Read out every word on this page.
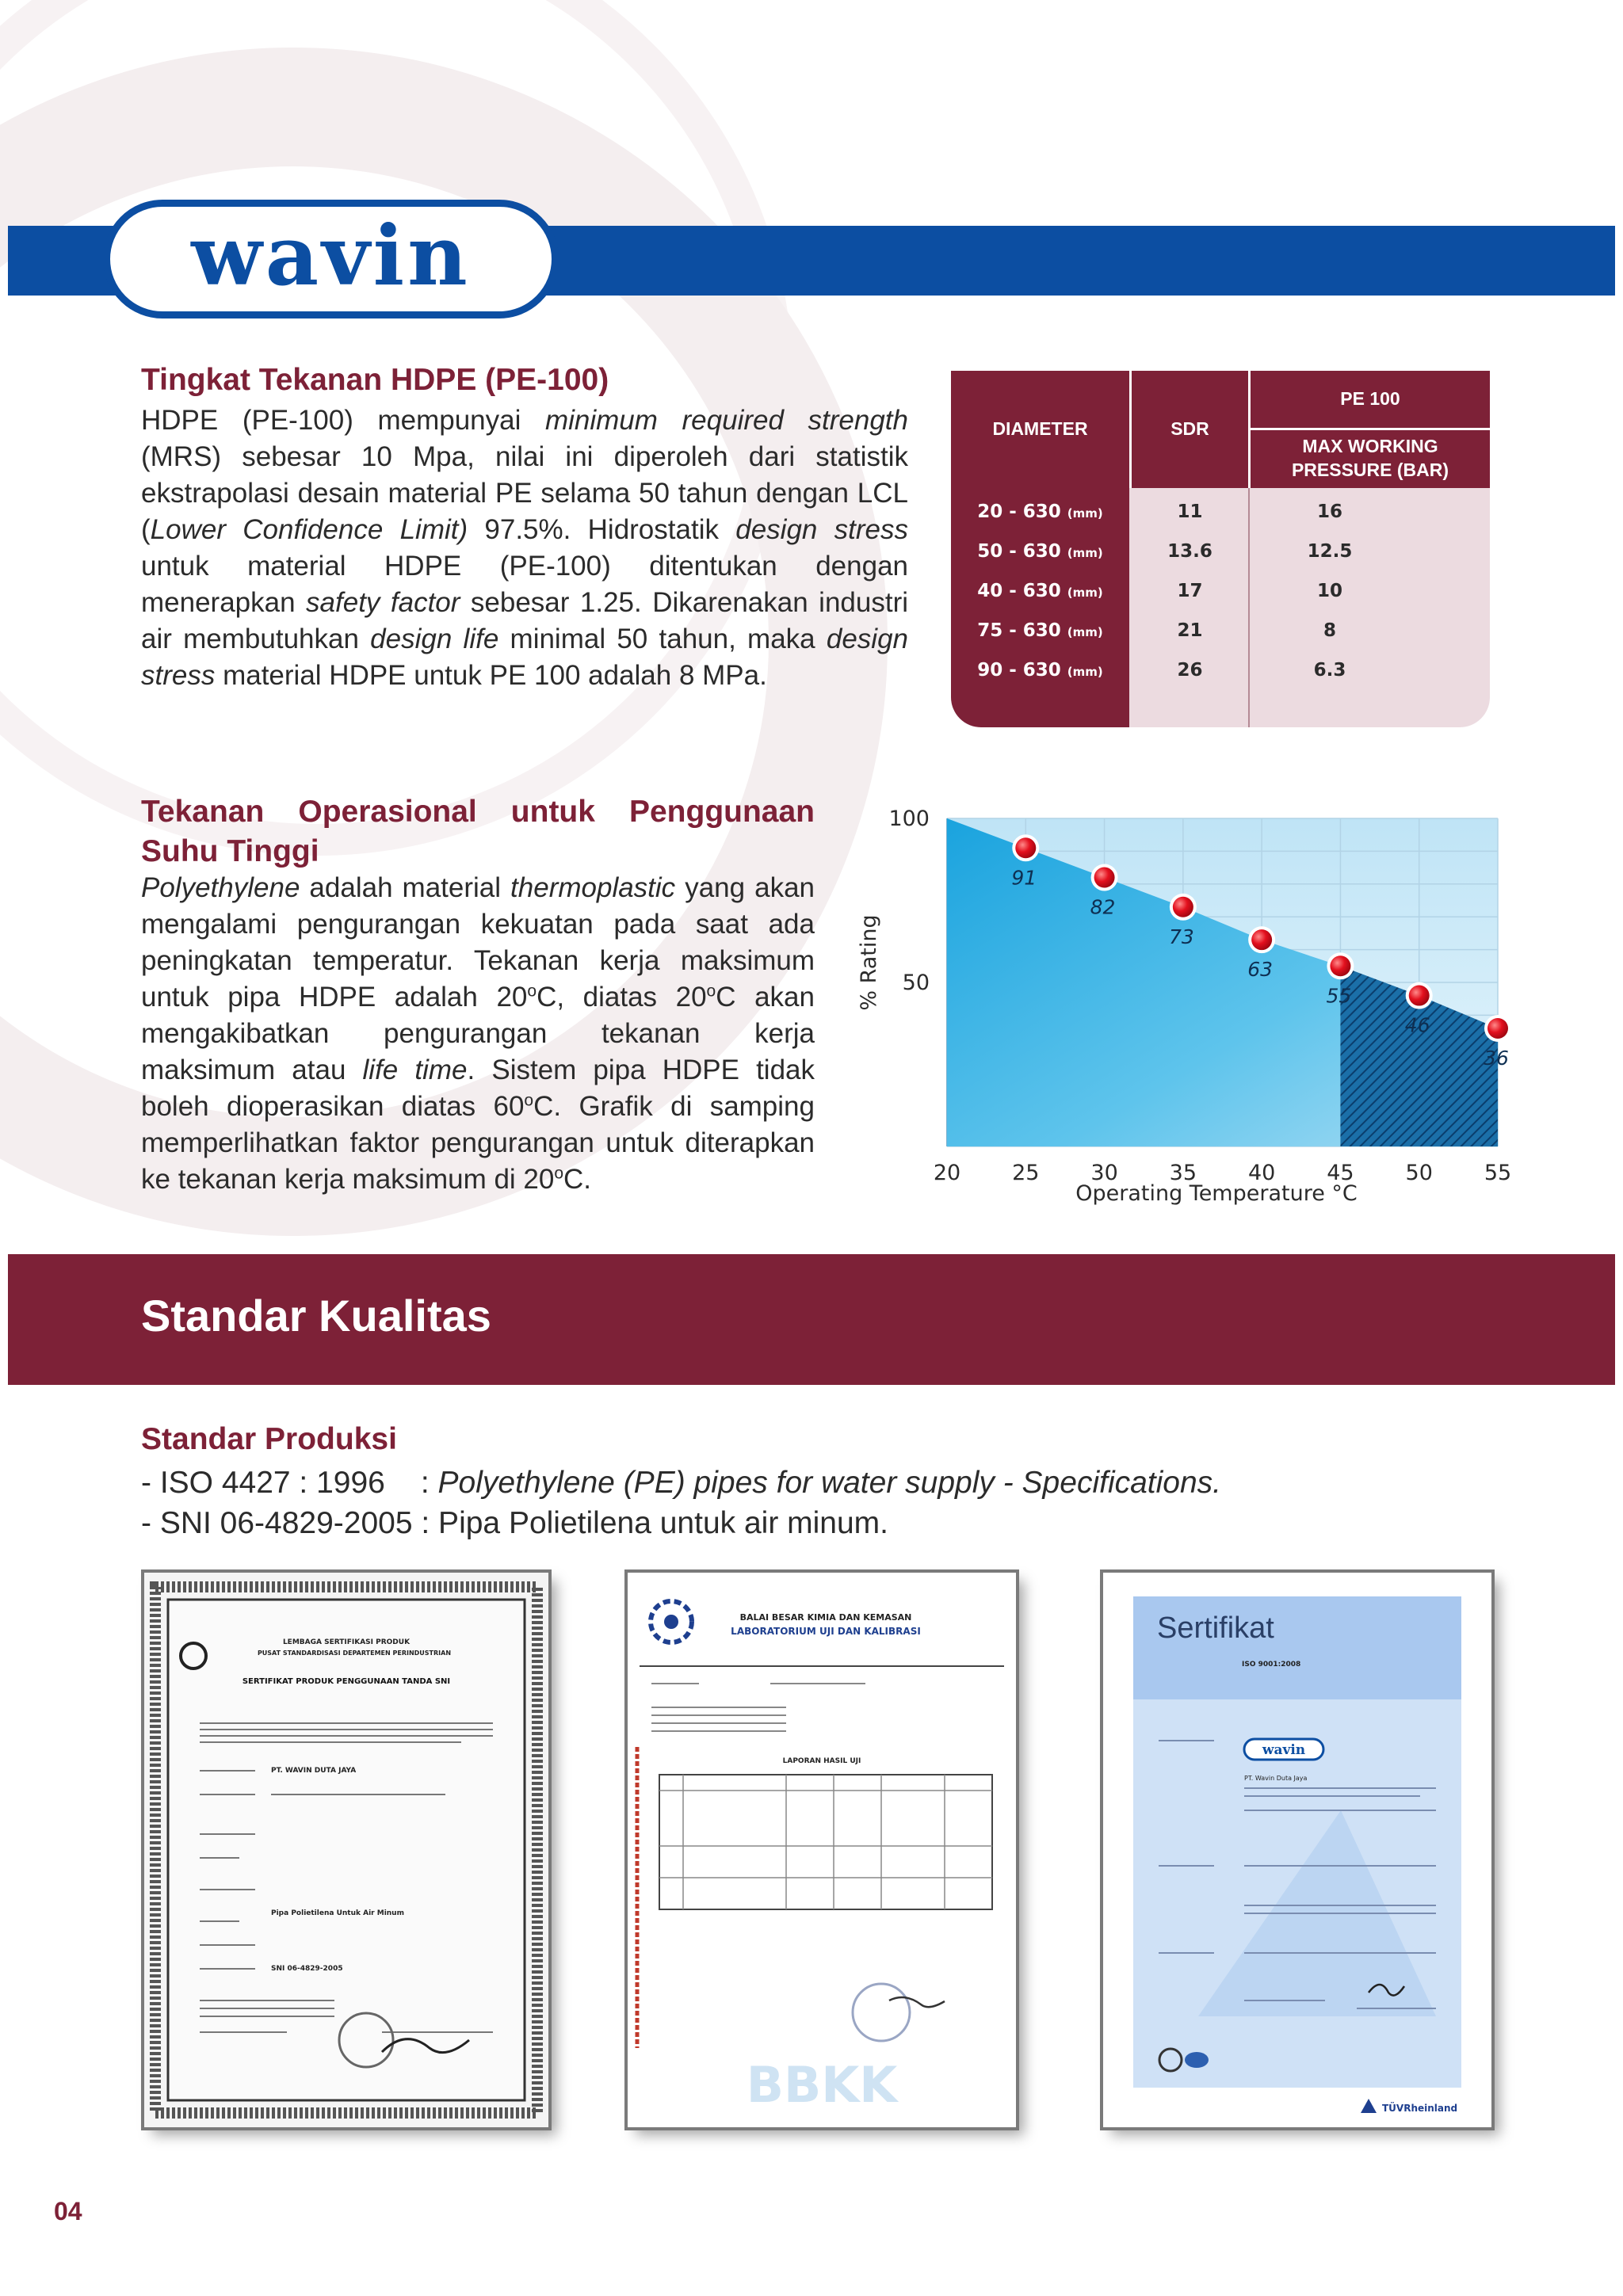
wavin
Tingkat Tekanan HDPE (PE-100)
HDPE (PE-100) mempunyai minimum required strength (MRS) sebesar 10 Mpa, nilai ini diperoleh dari statistik ekstrapolasi desain material PE selama 50 tahun dengan LCL (Lower Confidence Limit) 97.5%. Hidrostatik design stress untuk material HDPE (PE-100) ditentukan dengan menerapkan safety factor sebesar 1.25. Dikarenakan industri air membutuhkan design life minimal 50 tahun, maka design stress material HDPE untuk PE 100 adalah 8 MPa.
DIAMETER	SDR
PE 100
MAX WORKING PRESSURE (BAR)
20 - 630 (mm)	11	16
50 - 630 (mm)	13.6	12.5
40 - 630 (mm)	17	10
75 - 630 (mm)	21	8
90 - 630 (mm)	26	6.3
Tekanan Operasional untuk Penggunaan
Suhu Tinggi
Polyethylene adalah material thermoplastic yang akan mengalami pengurangan kekuatan pada saat ada peningkatan temperatur. Tekanan kerja maksimum untuk pipa HDPE adalah 20$^o$C, diatas 20$^o$C akan mengakibatkan pengurangan tekanan kerja maksimum atau life time. Sistem pipa HDPE tidak boleh dioperasikan diatas 60$^o$C. Grafik di samping memperlihatkan faktor pengurangan untuk diterapkan ke tekanan kerja maksimum di 20$^o$C.
91
82
73
63
55
46
36
20 25 30 35 40 45 50 55
100
50
Operating Temperature °C
% Rating
Standar Kualitas
Standar Produksi
- ISO 4427 : 1996 : Polyethylene (PE) pipes for water supply - Specifications.
- SNI 06-4829-2005 : Pipa Polietilena untuk air minum.
LEMBAGA SERTIFIKASI PRODUK
PUSAT STANDARDISASI DEPARTEMEN PERINDUSTRIAN
SERTIFIKAT PRODUK PENGGUNAAN TANDA SNI
PT. WAVIN DUTA JAYA
Pipa Polietilena Untuk Air Minum
SNI 06-4829-2005
BALAI BESAR KIMIA DAN KEMASAN
LABORATORIUM UJI DAN KALIBRASI
LAPORAN HASIL UJI
BBKK
Sertifikat
ISO 9001:2008
wavin
PT. Wavin Duta Jaya
TÜVRheinland
04
